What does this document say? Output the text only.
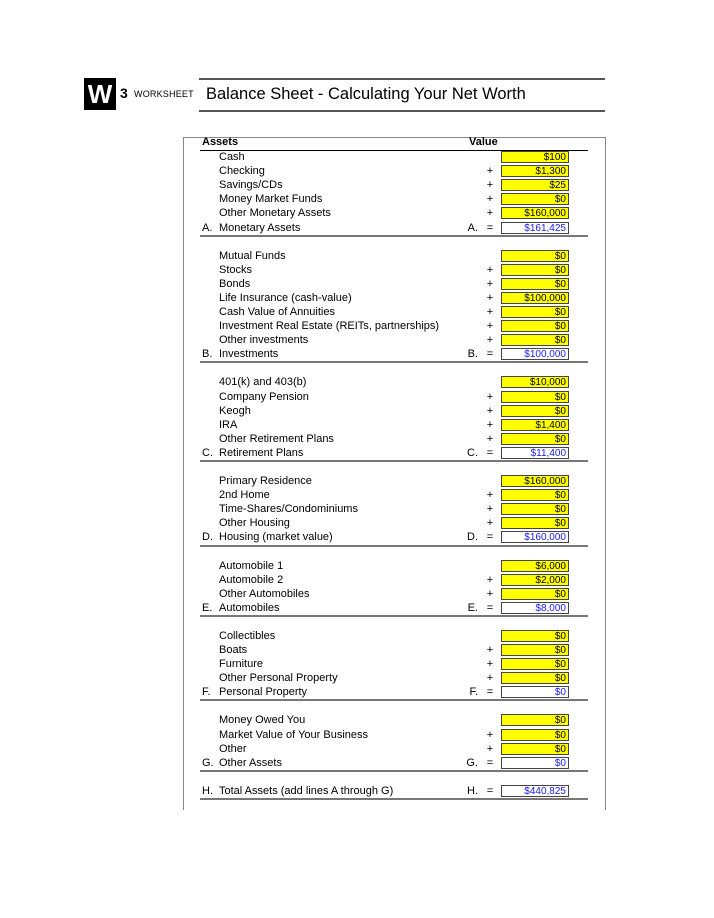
W 3 WORKSHEET Balance Sheet - Calculating Your Net Worth
Assets	Value
Cash	$100
Checking	+	$1,300
Savings/CDs	+	$25
Money Market Funds	+	$0
Other Monetary Assets	+	$160,000
A. Monetary Assets	A. =	$161,425
Mutual Funds	$0
Stocks	+	$0
Bonds	+	$0
Life Insurance (cash-value)	+	$100,000
Cash Value of Annuities	+	$0
Investment Real Estate (REITs, partnerships)	+	$0
Other investments	+	$0
B. Investments	B. =	$100,000
401(k) and 403(b)	$10,000
Company Pension	+	$0
Keogh	+	$0
IRA	+	$1,400
Other Retirement Plans	+	$0
C. Retirement Plans	C. =	$11,400
Primary Residence	$160,000
2nd Home	+	$0
Time-Shares/Condominiums	+	$0
Other Housing	+	$0
D. Housing (market value)	D. =	$160,000
Automobile 1	$6,000
Automobile 2	+	$2,000
Other Automobiles	+	$0
E. Automobiles	E. =	$8,000
Collectibles	$0
Boats	+	$0
Furniture	+	$0
Other Personal Property	+	$0
F. Personal Property	F. =	$0
Money Owed You	$0
Market Value of Your Business	+	$0
Other	+	$0
G. Other Assets	G. =	$0
H. Total Assets (add lines A through G)	H. =	$440,825
